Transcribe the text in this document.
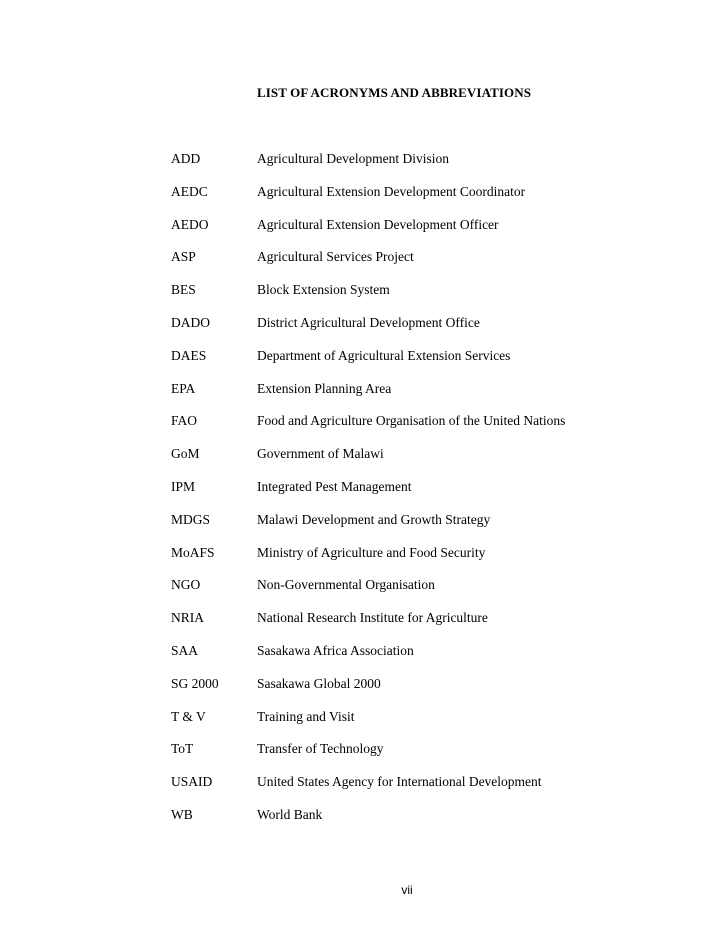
LIST OF ACRONYMS AND ABBREVIATIONS
ADD	Agricultural Development Division
AEDC	Agricultural Extension Development Coordinator
AEDO	Agricultural Extension Development Officer
ASP	Agricultural Services Project
BES	Block Extension System
DADO	District Agricultural Development Office
DAES	Department of Agricultural Extension Services
EPA	Extension Planning Area
FAO	Food and Agriculture Organisation of the United Nations
GoM	Government of Malawi
IPM	Integrated Pest Management
MDGS	Malawi Development and Growth Strategy
MoAFS	Ministry of Agriculture and Food Security
NGO	Non-Governmental Organisation
NRIA	National Research Institute for Agriculture
SAA	Sasakawa Africa Association
SG 2000	Sasakawa Global 2000
T & V	Training and Visit
ToT	Transfer of Technology
USAID	United States Agency for International Development
WB	World Bank
vii
